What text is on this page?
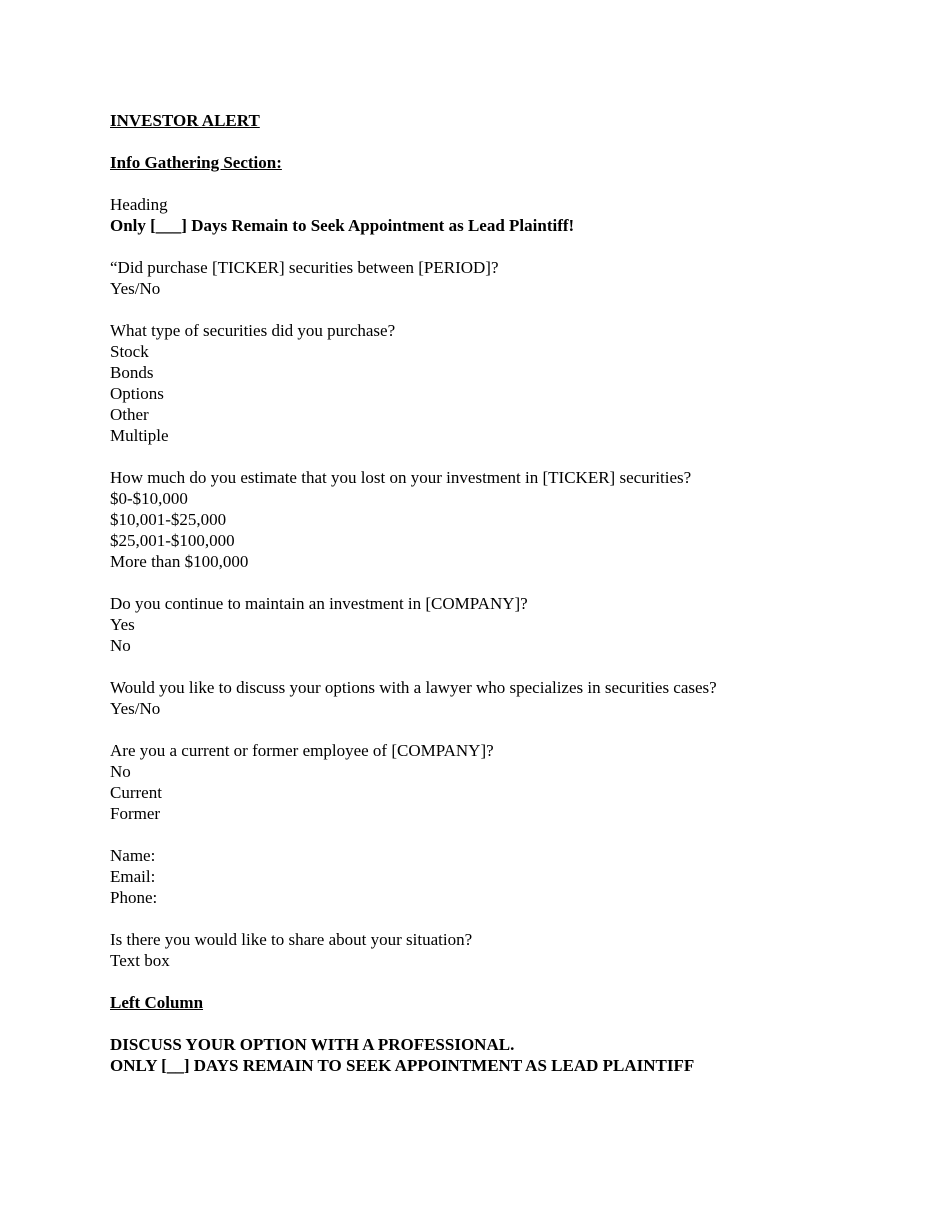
INVESTOR ALERT
Info Gathering Section:
Heading
Only [___] Days Remain to Seek Appointment as Lead Plaintiff!
“Did purchase [TICKER] securities between [PERIOD]?
Yes/No
What type of securities did you purchase?
Stock
Bonds
Options
Other
Multiple
How much do you estimate that you lost on your investment in [TICKER] securities?
$0-$10,000
$10,001-$25,000
$25,001-$100,000
More than $100,000
Do you continue to maintain an investment in [COMPANY]?
Yes
No
Would you like to discuss your options with a lawyer who specializes in securities cases?
Yes/No
Are you a current or former employee of [COMPANY]?
No
Current
Former
Name:
Email:
Phone:
Is there you would like to share about your situation?
Text box
Left Column
DISCUSS YOUR OPTION WITH A PROFESSIONAL.
ONLY [__] DAYS REMAIN TO SEEK APPOINTMENT AS LEAD PLAINTIFF
